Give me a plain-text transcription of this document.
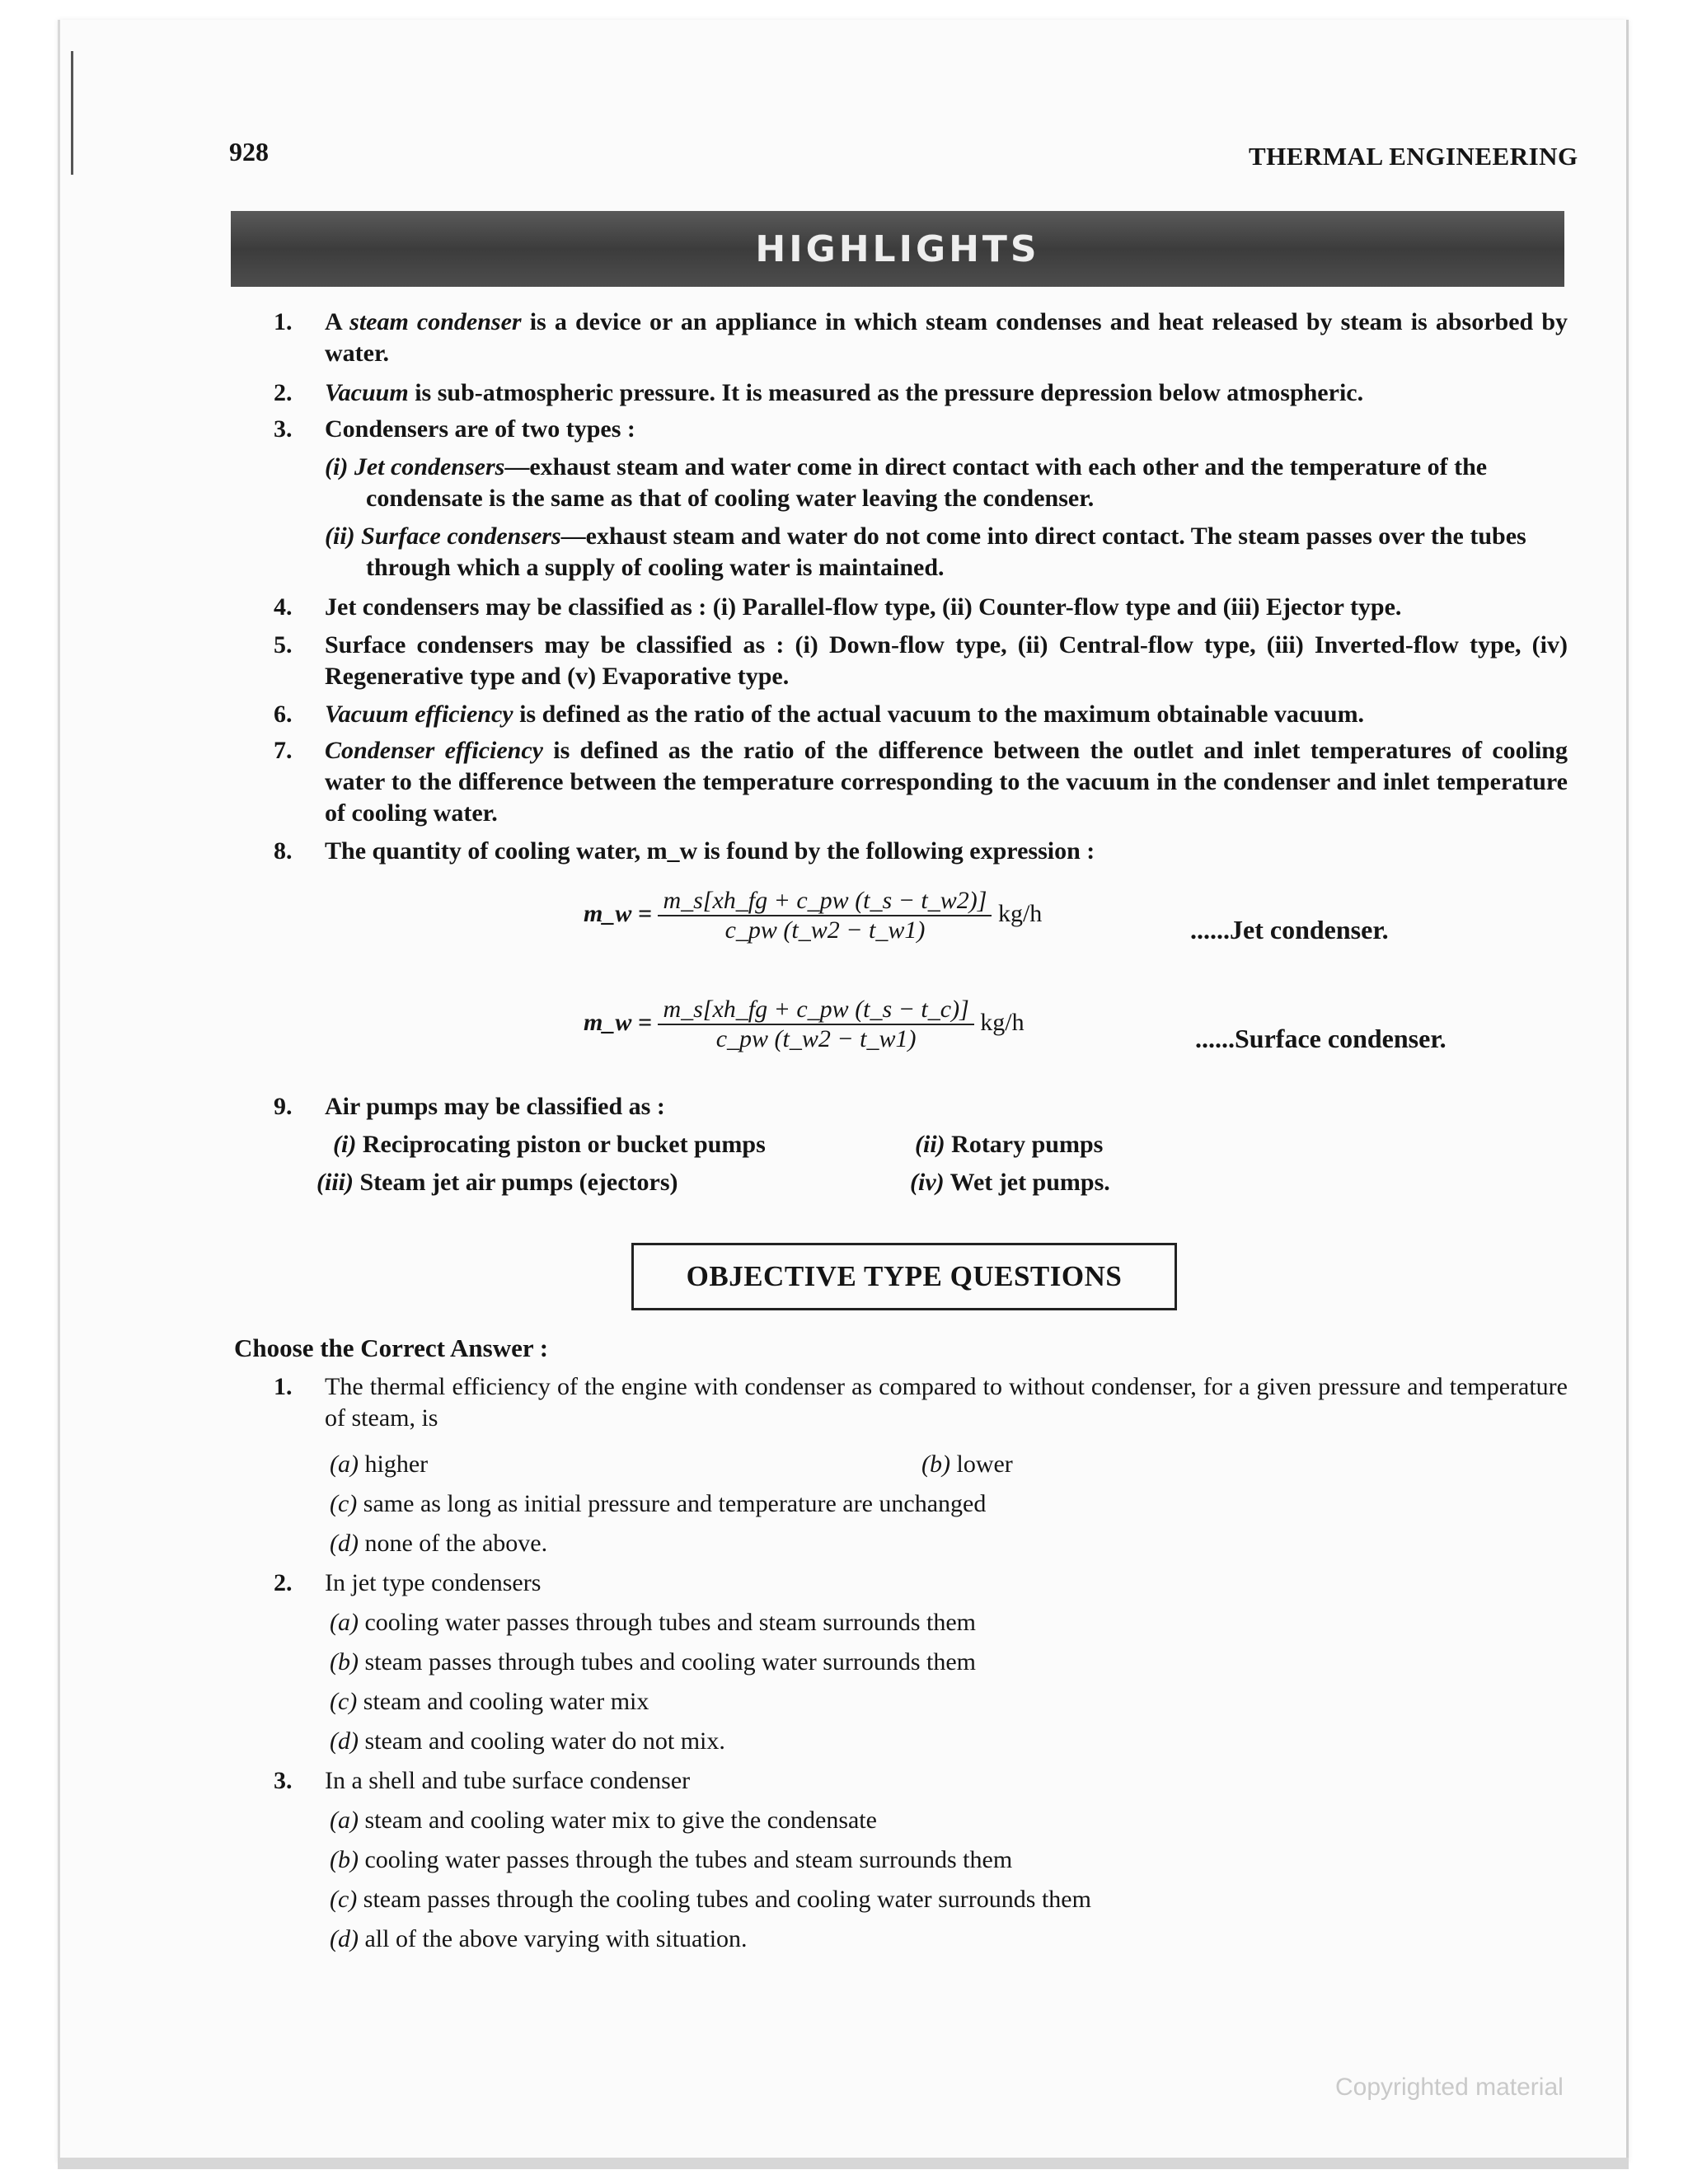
928	THERMAL ENGINEERING
HIGHLIGHTS
1.	A steam condenser is a device or an appliance in which steam condenses and heat released by steam is absorbed by water.
2.	Vacuum is sub-atmospheric pressure. It is measured as the pressure depression below atmospheric.
3.	Condensers are of two types :
(i) Jet condensers—exhaust steam and water come in direct contact with each other and the temperature of the condensate is the same as that of cooling water leaving the condenser.
(ii) Surface condensers—exhaust steam and water do not come into direct contact. The steam passes over the tubes through which a supply of cooling water is maintained.
4.	Jet condensers may be classified as : (i) Parallel-flow type, (ii) Counter-flow type and (iii) Ejector type.
5.	Surface condensers may be classified as : (i) Down-flow type, (ii) Central-flow type, (iii) Inverted-flow type, (iv) Regenerative type and (v) Evaporative type.
6.	Vacuum efficiency is defined as the ratio of the actual vacuum to the maximum obtainable vacuum.
7.	Condenser efficiency is defined as the ratio of the difference between the outlet and inlet temperatures of cooling water to the difference between the temperature corresponding to the vacuum in the condenser and inlet temperature of cooling water.
8.	The quantity of cooling water, m_w is found by the following expression :
9.	Air pumps may be classified as :
(i) Reciprocating piston or bucket pumps	(ii) Rotary pumps
(iii) Steam jet air pumps (ejectors)	(iv) Wet jet pumps.
m_w = $\frac{m\_s[xh\_fg + c\_pw (t\_s - t\_w2)]}{c\_pw (t\_w2 - t\_w1)} kg/h$
......Jet condenser.
m_w = $\frac{m\_s[xh\_fg + c\_pw (t\_s - t\_c)]}{c\_pw (t\_w2 - t\_w1)} kg/h$
......Surface condenser.
OBJECTIVE TYPE QUESTIONS
Choose the Correct Answer :
1. The thermal efficiency of the engine with condenser as compared to without condenser, for a given pressure and temperature of steam, is
(a) higher	(b) lower
(c) same as long as initial pressure and temperature are unchanged
(d) none of the above.
2. In jet type condensers
(a) cooling water passes through tubes and steam surrounds them
(b) steam passes through tubes and cooling water surrounds them
(c) steam and cooling water mix
(d) steam and cooling water do not mix.
3. In a shell and tube surface condenser
(a) steam and cooling water mix to give the condensate
(b) cooling water passes through the tubes and steam surrounds them
(c) steam passes through the cooling tubes and cooling water surrounds them
(d) all of the above varying with situation.
Copyrighted material
